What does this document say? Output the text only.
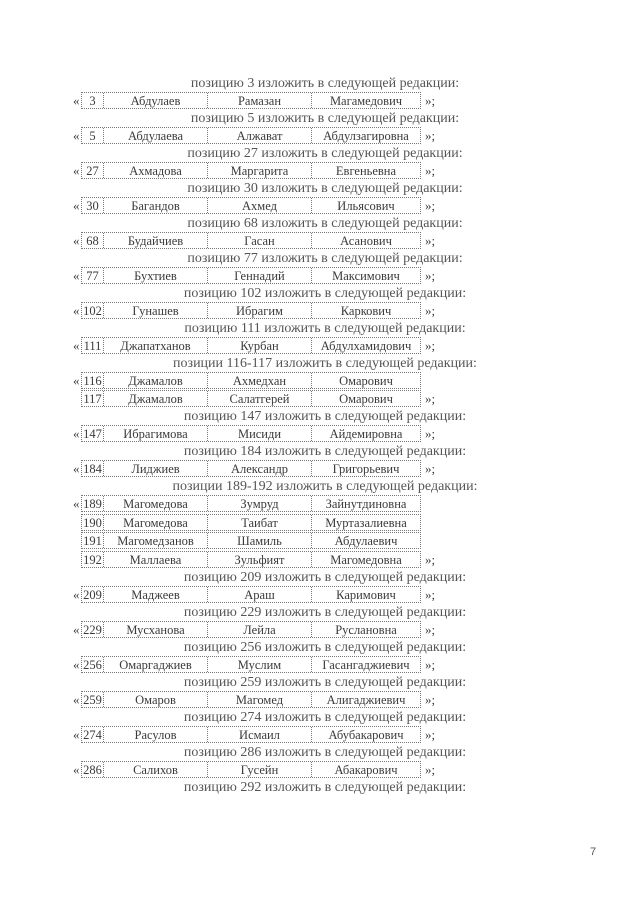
позицию 3 изложить в следующей редакции:
« 3	Абдулаев	Рамазан	Магамедович	»;
позицию 5 изложить в следующей редакции:
« 5	Абдулаева	Алжават	Абдулзагировна	»;
позицию 27 изложить в следующей редакции:
« 27	Ахмадова	Маргарита	Евгеньевна	»;
позицию 30 изложить в следующей редакции:
« 30	Багандов	Ахмед	Ильясович	»;
позицию 68 изложить в следующей редакции:
« 68	Будайчиев	Гасан	Асанович	»;
позицию 77 изложить в следующей редакции:
« 77	Бухтиев	Геннадий	Максимович	»;
позицию 102 изложить в следующей редакции:
« 102	Гунашев	Ибрагим	Каркович	»;
позицию 111 изложить в следующей редакции:
« 111	Джапатханов	Курбан	Абдулхамидович	»;
позиции 116-117 изложить в следующей редакции:
« 116	Джамалов	Ахмедхан	Омарович
117	Джамалов	Салатгерей	Омарович	»;
позицию 147 изложить в следующей редакции:
« 147	Ибрагимова	Мисиди	Айдемировна	»;
позицию 184 изложить в следующей редакции:
« 184	Лиджиев	Александр	Григорьевич	»;
позиции 189-192 изложить в следующей редакции:
« 189	Магомедова	Зумруд	Зайнутдиновна
190	Магомедова	Таибат	Муртазалиевна
191	Магомедзанов	Шамиль	Абдулаевич
192	Маллаева	Зульфият	Магомедовна	»;
позицию 209 изложить в следующей редакции:
« 209	Маджеев	Араш	Каримович	»;
позицию 229 изложить в следующей редакции:
« 229	Мусханова	Лейла	Руслановна	»;
позицию 256 изложить в следующей редакции:
« 256	Омаргаджиев	Муслим	Гасангаджиевич	»;
позицию 259 изложить в следующей редакции:
« 259	Омаров	Магомед	Алигаджиевич	»;
позицию 274 изложить в следующей редакции:
« 274	Расулов	Исмаил	Абубакарович	»;
позицию 286 изложить в следующей редакции:
« 286	Салихов	Гусейн	Абакарович	»;
позицию 292 изложить в следующей редакции:
7
